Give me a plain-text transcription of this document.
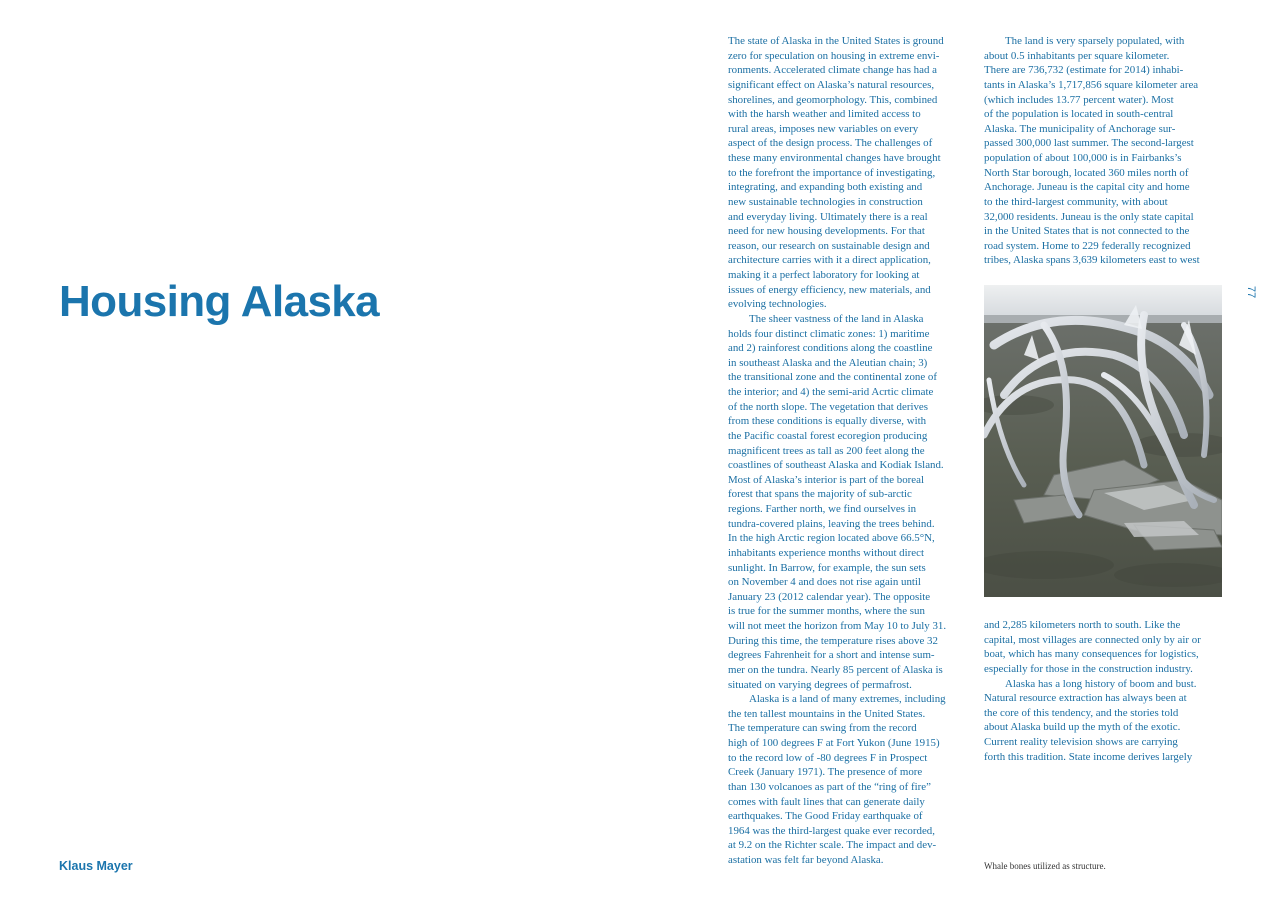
Housing Alaska
Klaus Mayer
The state of Alaska in the United States is ground
zero for speculation on housing in extreme envi-
ronments. Accelerated climate change has had a
significant effect on Alaska’s natural resources,
shorelines, and geomorphology. This, combined
with the harsh weather and limited access to
rural areas, imposes new variables on every
aspect of the design process. The challenges of
these many environmental changes have brought
to the forefront the importance of investigating,
integrating, and expanding both existing and
new sustainable technologies in construction
and everyday living. Ultimately there is a real
need for new housing developments. For that
reason, our research on sustainable design and
architecture carries with it a direct application,
making it a perfect laboratory for looking at
issues of energy efficiency, new materials, and
evolving technologies.
The sheer vastness of the land in Alaska
holds four distinct climatic zones: 1) maritime
and 2) rainforest conditions along the coastline
in southeast Alaska and the Aleutian chain; 3)
the transitional zone and the continental zone of
the interior; and 4) the semi-arid Acrtic climate
of the north slope. The vegetation that derives
from these conditions is equally diverse, with
the Pacific coastal forest ecoregion producing
magnificent trees as tall as 200 feet along the
coastlines of southeast Alaska and Kodiak Island.
Most of Alaska’s interior is part of the boreal
forest that spans the majority of sub-arctic
regions. Farther north, we find ourselves in
tundra-covered plains, leaving the trees behind.
In the high Arctic region located above 66.5°N,
inhabitants experience months without direct
sunlight. In Barrow, for example, the sun sets
on November 4 and does not rise again until
January 23 (2012 calendar year). The opposite
is true for the summer months, where the sun
will not meet the horizon from May 10 to July 31.
During this time, the temperature rises above 32
degrees Fahrenheit for a short and intense sum-
mer on the tundra. Nearly 85 percent of Alaska is
situated on varying degrees of permafrost.
Alaska is a land of many extremes, including
the ten tallest mountains in the United States.
The temperature can swing from the record
high of 100 degrees F at Fort Yukon (June 1915)
to the record low of -80 degrees F in Prospect
Creek (January 1971). The presence of more
than 130 volcanoes as part of the “ring of fire”
comes with fault lines that can generate daily
earthquakes. The Good Friday earthquake of
1964 was the third-largest quake ever recorded,
at 9.2 on the Richter scale. The impact and dev-
astation was felt far beyond Alaska.
The land is very sparsely populated, with
about 0.5 inhabitants per square kilometer.
There are 736,732 (estimate for 2014) inhabi-
tants in Alaska’s 1,717,856 square kilometer area
(which includes 13.77 percent water). Most
of the population is located in south-central
Alaska. The municipality of Anchorage sur-
passed 300,000 last summer. The second-largest
population of about 100,000 is in Fairbanks’s
North Star borough, located 360 miles north of
Anchorage. Juneau is the capital city and home
to the third-largest community, with about
32,000 residents. Juneau is the only state capital
in the United States that is not connected to the
road system. Home to 229 federally recognized
tribes, Alaska spans 3,639 kilometers east to west
and 2,285 kilometers north to south. Like the
capital, most villages are connected only by air or
boat, which has many consequences for logistics,
especially for those in the construction industry.
Alaska has a long history of boom and bust.
Natural resource extraction has always been at
the core of this tendency, and the stories told
about Alaska build up the myth of the exotic.
Current reality television shows are carrying
forth this tradition. State income derives largely
Whale bones utilized as structure.
77
